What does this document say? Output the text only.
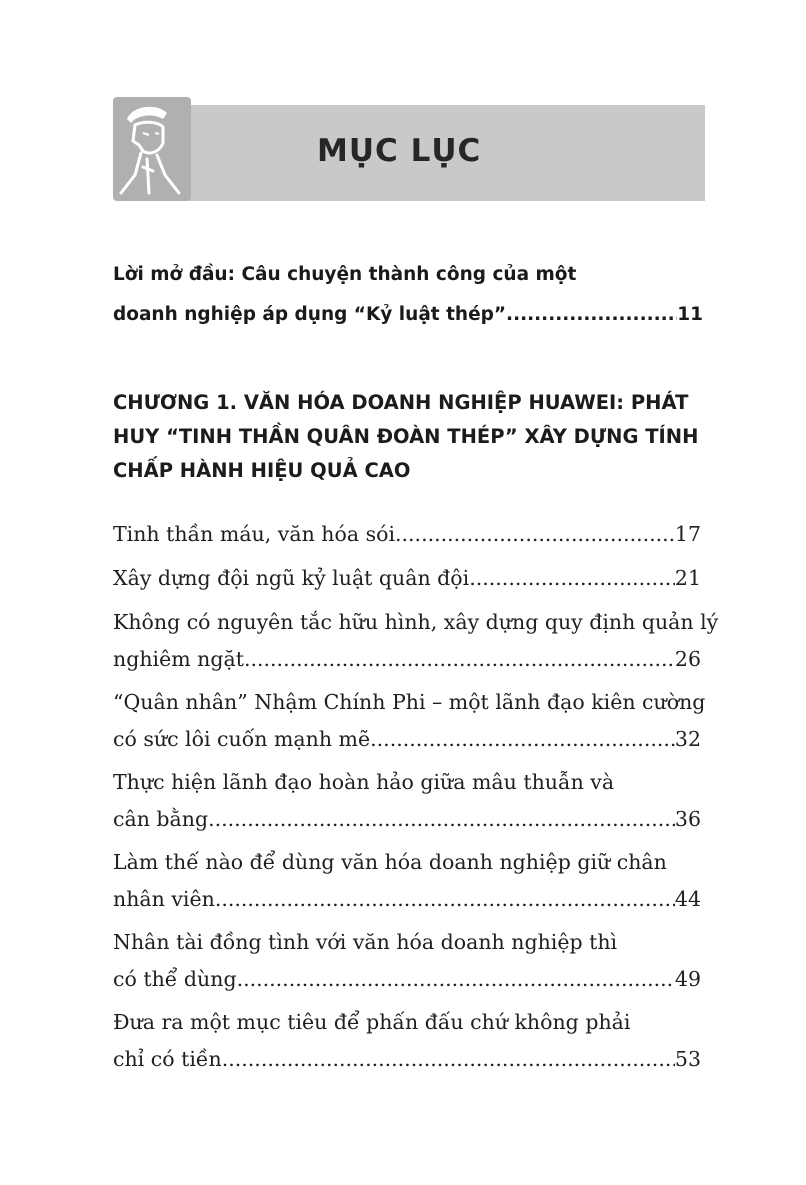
MỤC LỤC
Lời mở đầu: Câu chuyện thành công của một
doanh nghiệp áp dụng “Kỷ luật thép” .....	11
CHƯƠNG 1. VĂN HÓA DOANH NGHIỆP HUAWEI: PHÁT
HUY “TINH THẦN QUÂN ĐOÀN THÉP” XÂY DỰNG TÍNH
CHẤP HÀNH HIỆU QUẢ CAO
Tinh thần máu, văn hóa sói .....	17
Xây dựng đội ngũ kỷ luật quân đội .....	21
Không có nguyên tắc hữu hình, xây dựng quy định quản lý
nghiêm ngặt .....	26
“Quân nhân” Nhậm Chính Phi – một lãnh đạo kiên cường
có sức lôi cuốn mạnh mẽ .....	32
Thực hiện lãnh đạo hoàn hảo giữa mâu thuẫn và
cân bằng .....	36
Làm thế nào để dùng văn hóa doanh nghiệp giữ chân
nhân viên .....	44
Nhân tài đồng tình với văn hóa doanh nghiệp thì
có thể dùng .....	49
Đưa ra một mục tiêu để phấn đấu chứ không phải
chỉ có tiền .....	53
